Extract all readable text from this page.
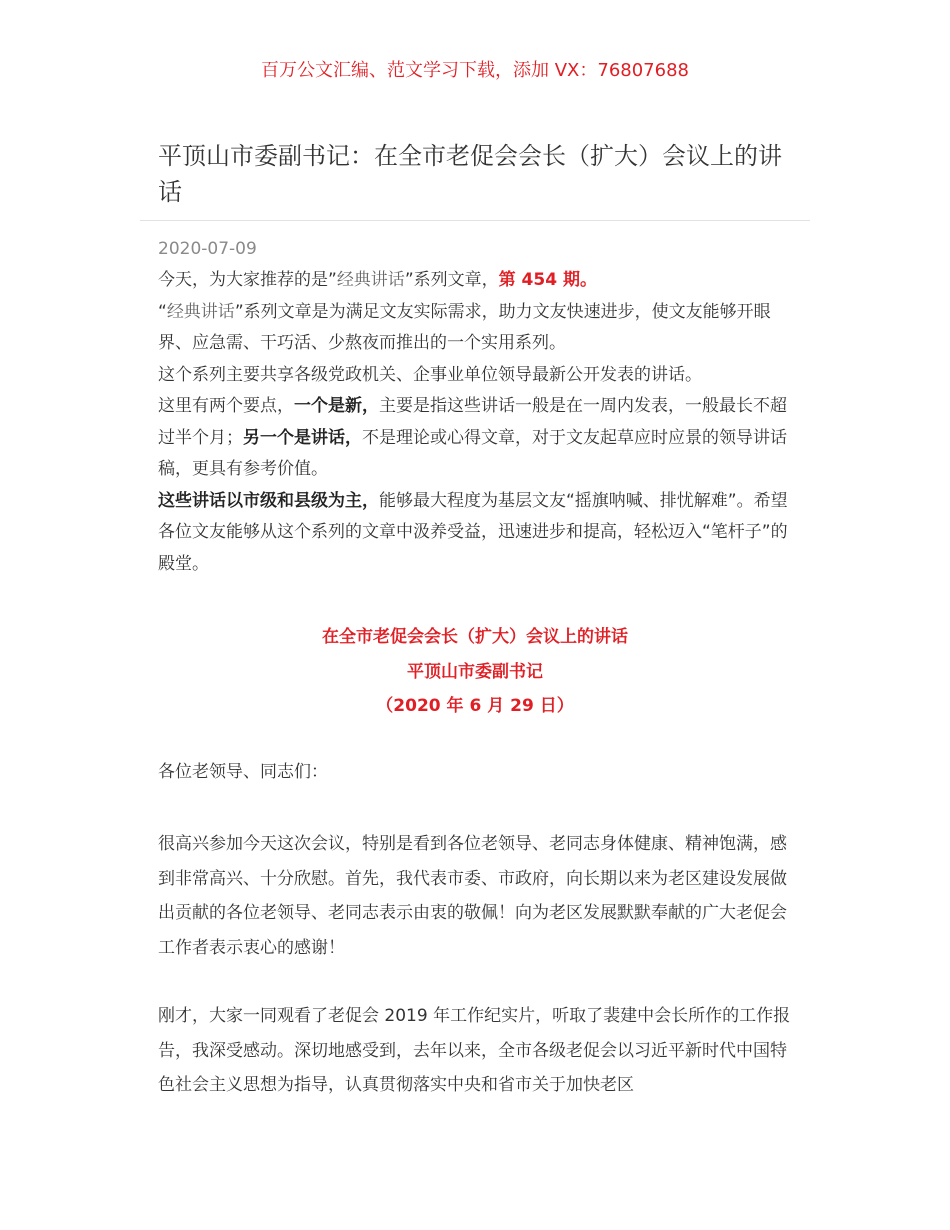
百万公文汇编、范文学习下载，添加 VX：76807688
平顶山市委副书记：在全市老促会会长（扩大）会议上的讲话
2020-07-09

今天，为大家推荐的是”经典讲话”系列文章，第 454 期。

“经典讲话”系列文章是为满足文友实际需求，助力文友快速进步，使文友能够开眼界、应急需、干巧活、少熬夜而推出的一个实用系列。

这个系列主要共享各级党政机关、企事业单位领导最新公开发表的讲话。

这里有两个要点，一个是新，主要是指这些讲话一般是在一周内发表，一般最长不超过半个月；另一个是讲话，不是理论或心得文章，对于文友起草应时应景的领导讲话稿，更具有参考价值。

这些讲话以市级和县级为主，能够最大程度为基层文友“摇旗呐喊、排忧解难”。希望各位文友能够从这个系列的文章中汲养受益，迅速进步和提高，轻松迈入“笔杆子”的殿堂。

在全市老促会会长（扩大）会议上的讲话
平顶山市委副书记
（2020 年 6 月 29 日）
各位老领导、同志们：

很高兴参加今天这次会议，特别是看到各位老领导、老同志身体健康、精神饱满，感到非常高兴、十分欣慰。首先，我代表市委、市政府，向长期以来为老区建设发展做出贡献的各位老领导、老同志表示由衷的敬佩！向为老区发展默默奉献的广大老促会工作者表示衷心的感谢！

刚才，大家一同观看了老促会 2019 年工作纪实片，听取了裴建中会长所作的工作报告，我深受感动。深切地感受到，去年以来，全市各级老促会以习近平新时代中国特色社会主义思想为指导，认真贯彻落实中央和省市关于加快老区
